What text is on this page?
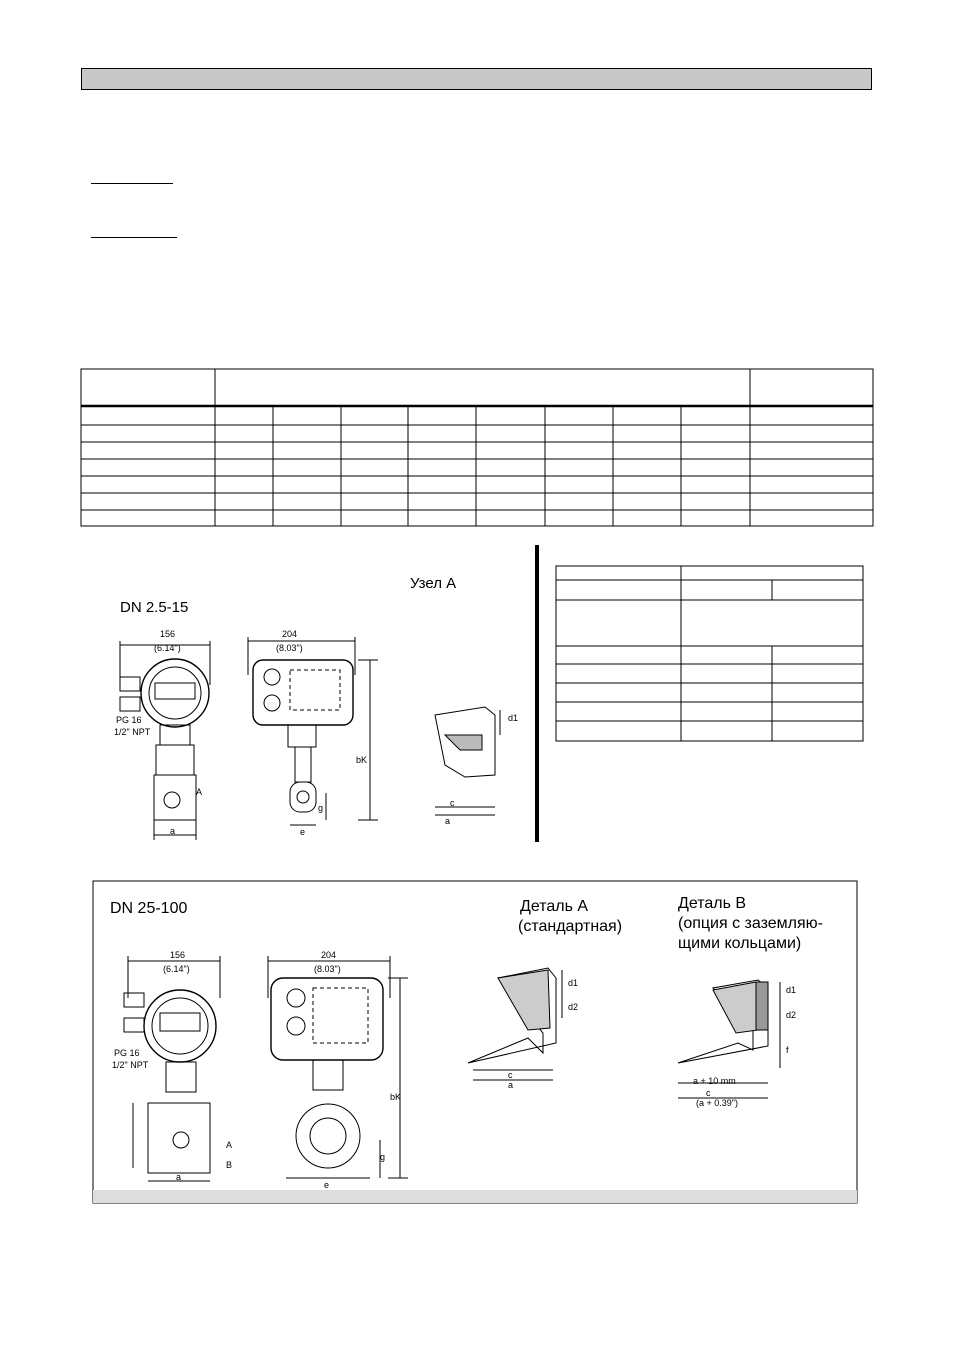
DN 2.5-15
Узел A
156
(6.14")
PG 16
1/2" NPT
a
A
204
(8.03")
bK
g
e
c
a
d1
DN 25-100	Деталь A
(стандартная)
Деталь B
(опция с заземляю-
щими кольцами)
156
(6.14")
PG 16
1/2" NPT
a
A
B
204
(8.03")
bK
g
e
c
a
d1
d2
a + 10 mm
(a + 0.39")
c
d1
d2
f
